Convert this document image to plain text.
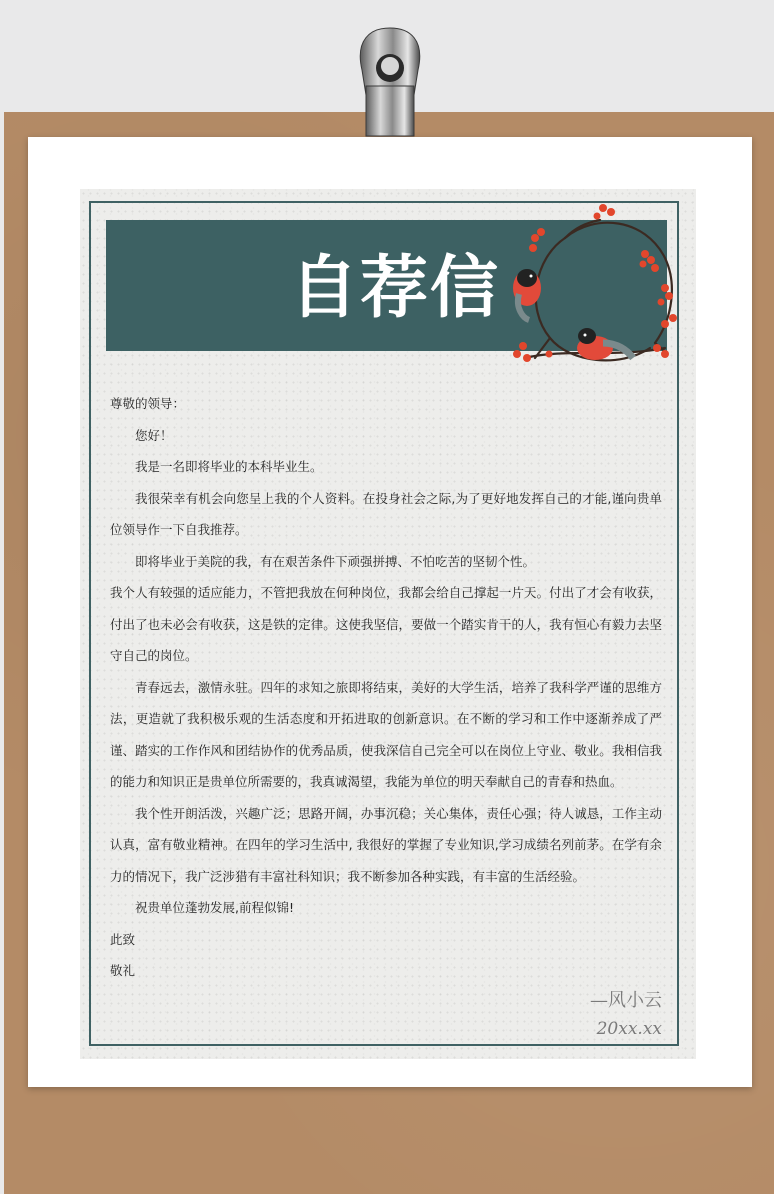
自荐信

尊敬的领导：

您好！

我是一名即将毕业的本科毕业生。

我很荣幸有机会向您呈上我的个人资料。在投身社会之际,为了更好地发挥自己的才能,谨向贵单位领导作一下自我推荐。

即将毕业于美院的我，有在艰苦条件下顽强拼搏、不怕吃苦的坚韧个性。

我个人有较强的适应能力，不管把我放在何种岗位，我都会给自己撑起一片天。付出了才会有收获，付出了也未必会有收获，这是铁的定律。这使我坚信，要做一个踏实肯干的人，我有恒心有毅力去坚守自己的岗位。

青春远去，激情永驻。四年的求知之旅即将结束，美好的大学生活，培养了我科学严谨的思维方法，更造就了我积极乐观的生活态度和开拓进取的创新意识。在不断的学习和工作中逐渐养成了严谨、踏实的工作作风和团结协作的优秀品质，使我深信自己完全可以在岗位上守业、敬业。我相信我的能力和知识正是贵单位所需要的，我真诚渴望，我能为单位的明天奉献自己的青春和热血。

我个性开朗活泼，兴趣广泛；思路开阔，办事沉稳；关心集体，责任心强；待人诚恳，工作主动认真，富有敬业精神。在四年的学习生活中, 我很好的掌握了专业知识,学习成绩名列前茅。在学有余力的情况下，我广泛涉猎有丰富社科知识；我不断参加各种实践，有丰富的生活经验。

祝贵单位蓬勃发展,前程似锦!

此致

敬礼

—风小云
20xx.xx
